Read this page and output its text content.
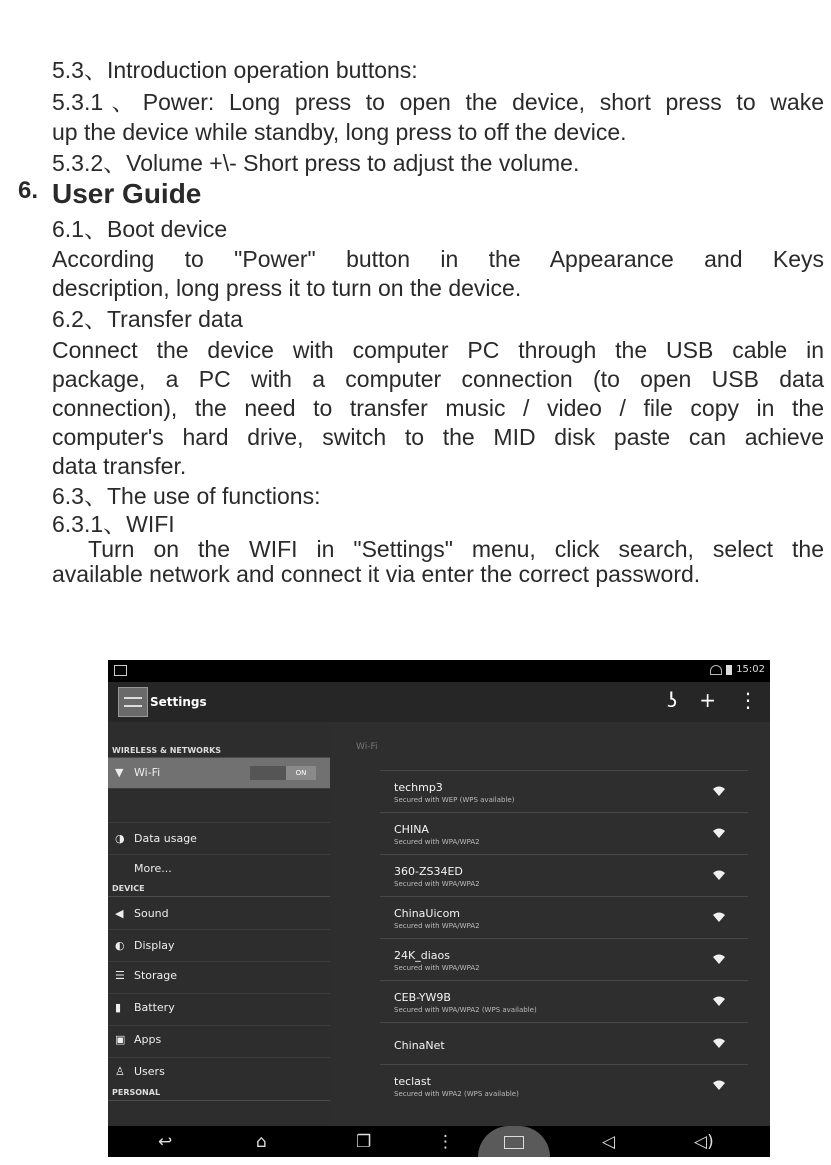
5.3、Introduction operation buttons:
5.3.1、Power: Long press to open the device, short press to wake
up the device while standby, long press to off the device.
5.3.2、Volume +\- Short press to adjust the volume.
6. User Guide
6.1、Boot device
According to "Power" button in the Appearance and Keys
description, long press it to turn on the device.
6.2、Transfer data
Connect the device with computer PC through the USB cable in
package, a PC with a computer connection (to open USB data
connection), the need to transfer music / video / file copy in the
computer's hard drive, switch to the MID disk paste can achieve
data transfer.
6.3、The use of functions:
6.3.1、WIFI
Turn on the WIFI in "Settings" menu, click search, select the
available network and connect it via enter the correct password.
15:02
Settings	ʖ + ⋮
WIRELESS & NETWORKS
▼ Wi-Fi	ON
◑ Data usage
More...
DEVICE
◀ Sound
◐ Display
☰ Storage
▮ Battery
▣ Apps
♙ Users
PERSONAL
Wi-Fi
techmp3
Secured with WEP (WPS available)
CHINA
Secured with WPA/WPA2
360-ZS34ED
Secured with WPA/WPA2
ChinaUicom
Secured with WPA/WPA2
24K_diaos
Secured with WPA/WPA2
CEB-YW9B
Secured with WPA/WPA2 (WPS available)
ChinaNet
teclast
Secured with WPA2 (WPS available)
↩	⌂	❐	⋮	◁	◁)
